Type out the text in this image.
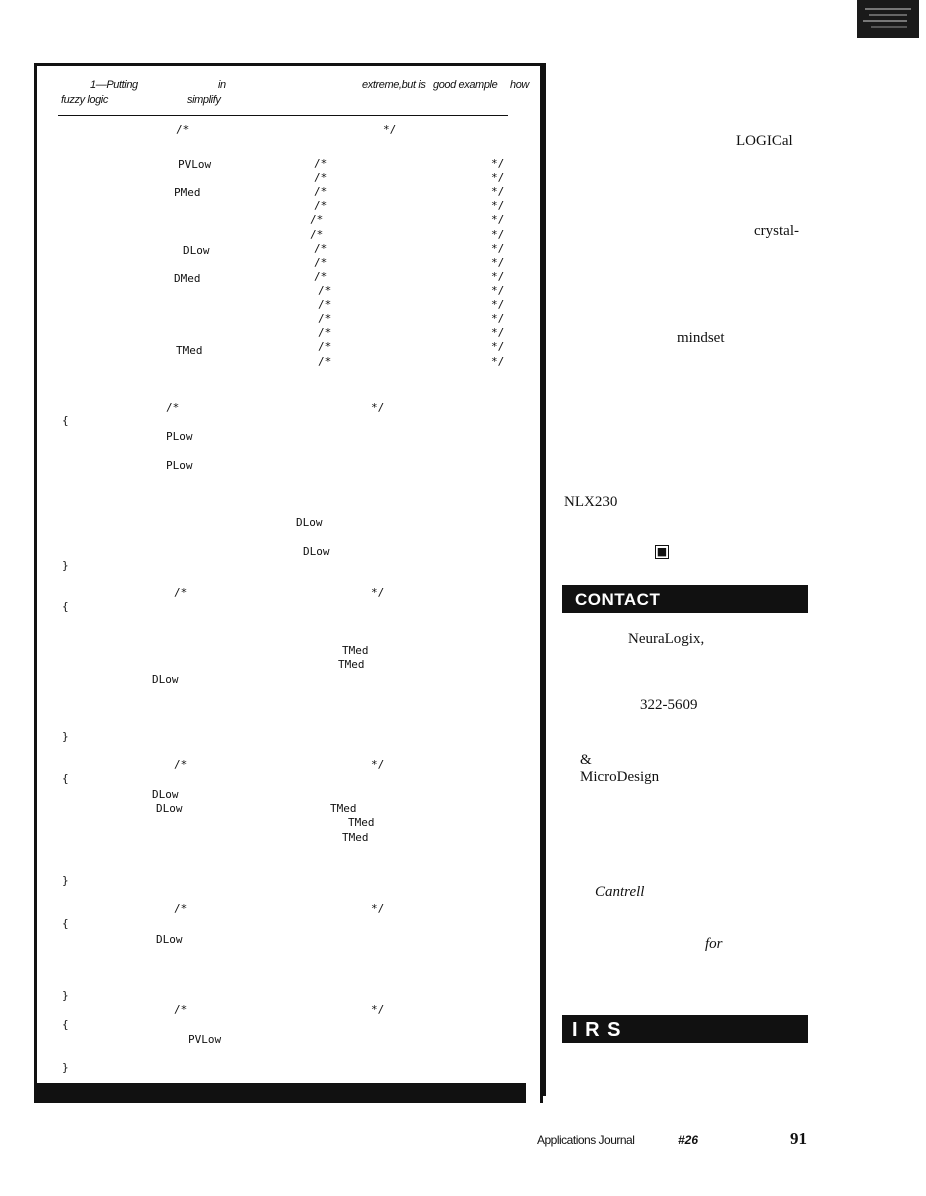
1—Putting	in	extreme,but is good example how
fuzzy logic	simplify
/*	*/
PVLow
PMed
DLow
DMed
TMed
/*	*/
/*	*/
/*	*/
/*	*/
/*	*/
/*	*/
/*	*/
/*	*/
/*	*/
/*	*/
/*	*/
/*	*/
/*	*/
/*	*/
/*	*/
/*	*/
{
PLow
PLow
DLow
DLow
}
/*	*/
{
TMed
TMed
DLow
}
/*	*/
{
DLow
DLow	TMed
TMed
TMed
}
/*	*/
{
DLow
}
/*	*/
{
PVLow
}
LOGICal
crystal-
mindset
NLX230
■
CONTACT
NeuraLogix,
322-5609
&
MicroDesign
Cantrell
for
I R S
Applications Journal	#26	91
